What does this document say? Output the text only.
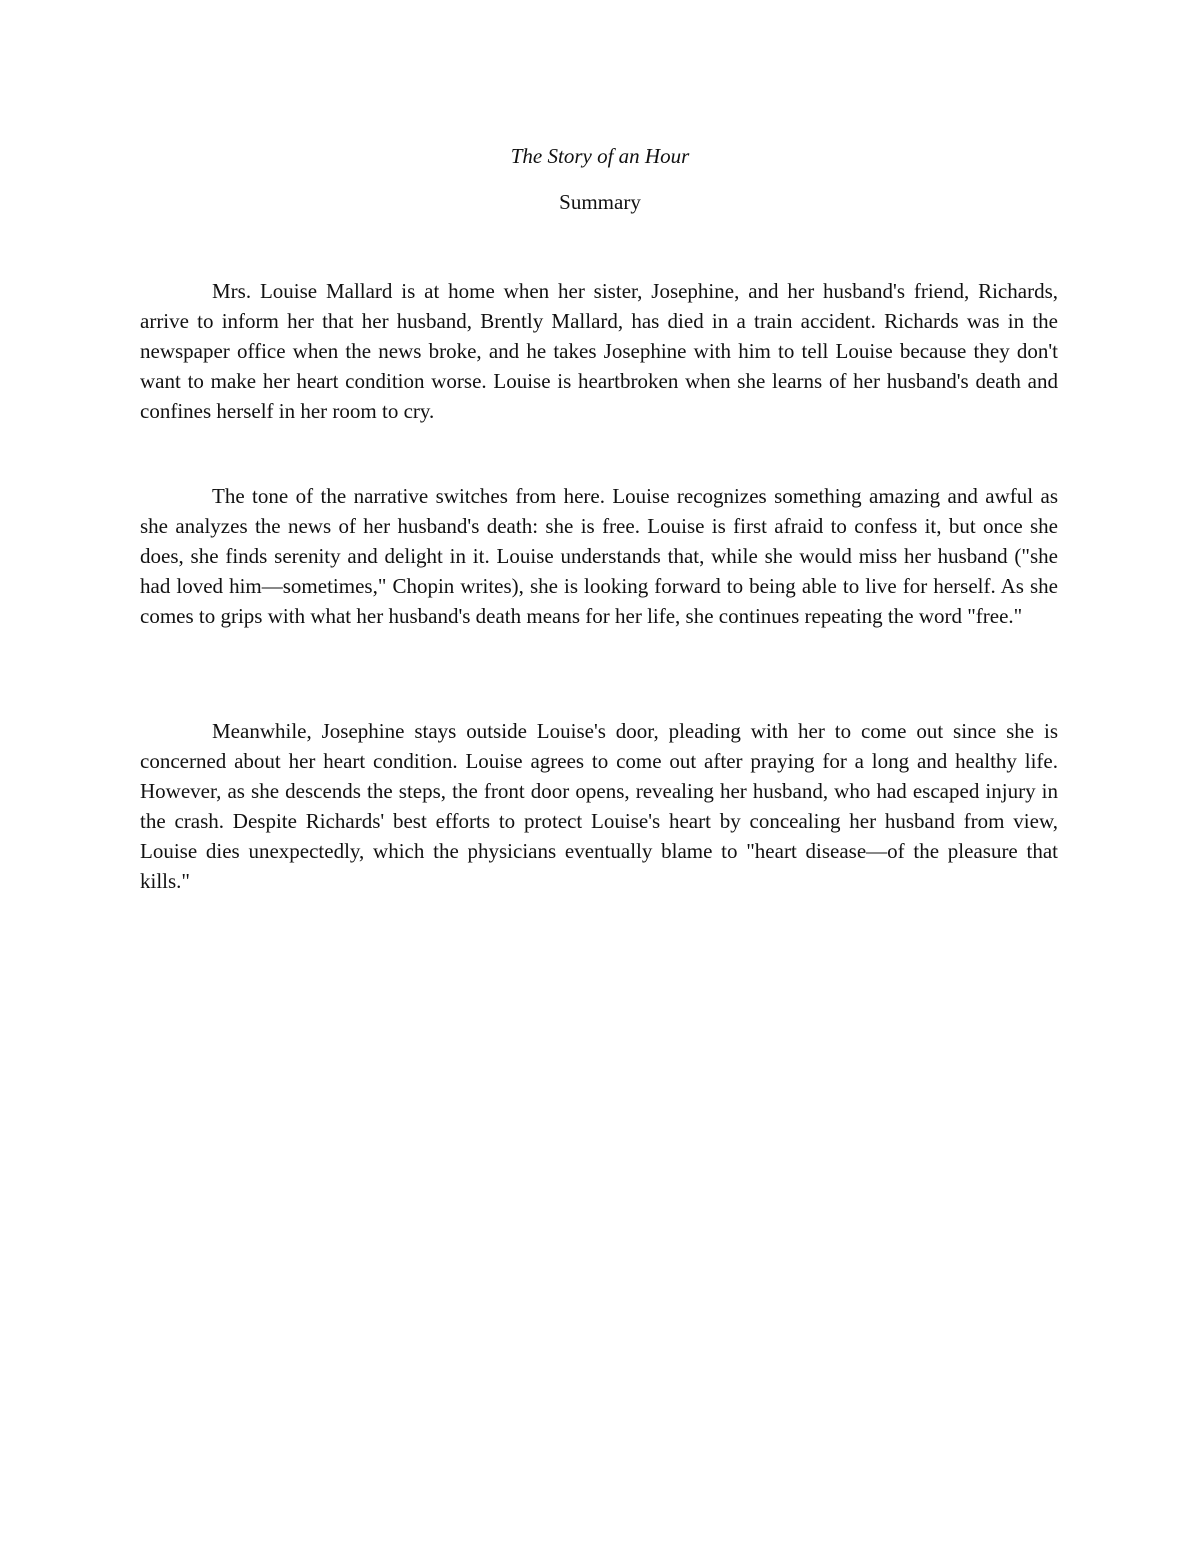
The Story of an Hour
Summary

Mrs. Louise Mallard is at home when her sister, Josephine, and her husband's friend, Richards, arrive to inform her that her husband, Brently Mallard, has died in a train accident. Richards was in the newspaper office when the news broke, and he takes Josephine with him to tell Louise because they don't want to make her heart condition worse. Louise is heartbroken when she learns of her husband's death and confines herself in her room to cry.

The tone of the narrative switches from here. Louise recognizes something amazing and awful as she analyzes the news of her husband's death: she is free. Louise is first afraid to confess it, but once she does, she finds serenity and delight in it. Louise understands that, while she would miss her husband ("she had loved him—sometimes," Chopin writes), she is looking forward to being able to live for herself. As she comes to grips with what her husband's death means for her life, she continues repeating the word "free."

Meanwhile, Josephine stays outside Louise's door, pleading with her to come out since she is concerned about her heart condition. Louise agrees to come out after praying for a long and healthy life. However, as she descends the steps, the front door opens, revealing her husband, who had escaped injury in the crash. Despite Richards' best efforts to protect Louise's heart by concealing her husband from view, Louise dies unexpectedly, which the physicians eventually blame to "heart disease—of the pleasure that kills."
